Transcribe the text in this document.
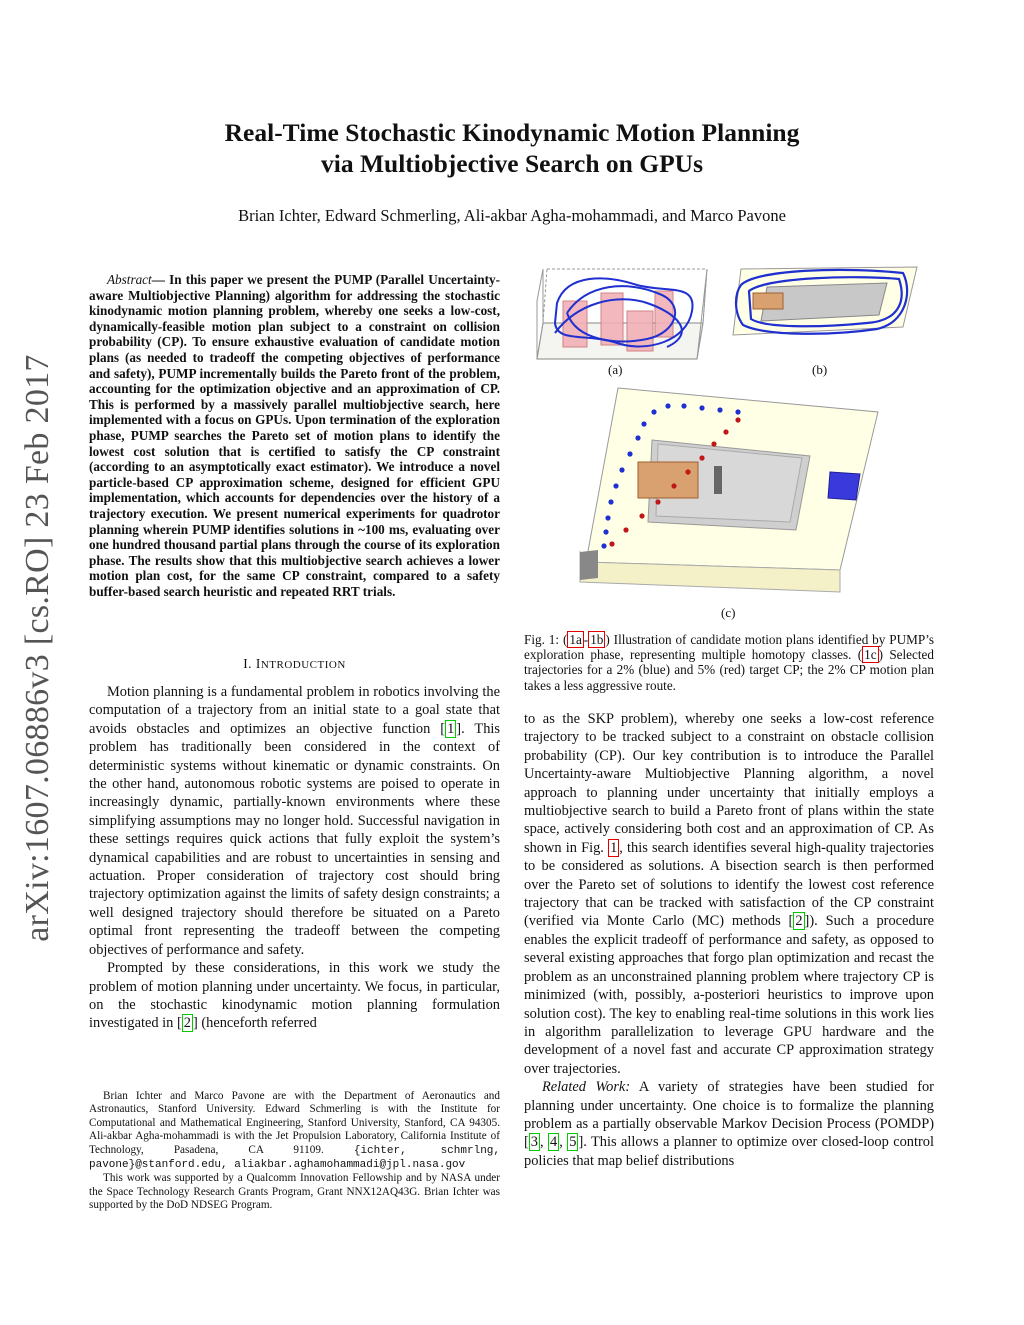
arXiv:1607.06886v3 [cs.RO] 23 Feb 2017
Real-Time Stochastic Kinodynamic Motion Planning
via Multiobjective Search on GPUs
Brian Ichter, Edward Schmerling, Ali-akbar Agha-mohammadi, and Marco Pavone
Abstract— In this paper we present the PUMP (Parallel Uncertainty-aware Multiobjective Planning) algorithm for addressing the stochastic kinodynamic motion planning problem, whereby one seeks a low-cost, dynamically-feasible motion plan subject to a constraint on collision probability (CP). To ensure exhaustive evaluation of candidate motion plans (as needed to tradeoff the competing objectives of performance and safety), PUMP incrementally builds the Pareto front of the problem, accounting for the optimization objective and an approximation of CP. This is performed by a massively parallel multiobjective search, here implemented with a focus on GPUs. Upon termination of the exploration phase, PUMP searches the Pareto set of motion plans to identify the lowest cost solution that is certified to satisfy the CP constraint (according to an asymptotically exact estimator). We introduce a novel particle-based CP approximation scheme, designed for efficient GPU implementation, which accounts for dependencies over the history of a trajectory execution. We present numerical experiments for quadrotor planning wherein PUMP identifies solutions in ~100 ms, evaluating over one hundred thousand partial plans through the course of its exploration phase. The results show that this multiobjective search achieves a lower motion plan cost, for the same CP constraint, compared to a safety buffer-based search heuristic and repeated RRT trials.
I. INTRODUCTION

Motion planning is a fundamental problem in robotics involving the computation of a trajectory from an initial state to a goal state that avoids obstacles and optimizes an objective function [ 1 ]. This problem has traditionally been considered in the context of deterministic systems without kinematic or dynamic constraints. On the other hand, autonomous robotic systems are poised to operate in increasingly dynamic, partially-known environments where these simplifying assumptions may no longer hold. Successful navigation in these settings requires quick actions that fully exploit the system’s dynamical capabilities and are robust to uncertainties in sensing and actuation. Proper consideration of trajectory cost should bring trajectory optimization against the limits of safety design constraints; a well designed trajectory should therefore be situated on a Pareto optimal front representing the tradeoff between the competing objectives of performance and safety.

Prompted by these considerations, in this work we study the problem of motion planning under uncertainty. We focus, in particular, on the stochastic kinodynamic motion planning formulation investigated in [ 2 ] (henceforth referred

Brian Ichter and Marco Pavone are with the Department of Aeronautics and Astronautics, Stanford University. Edward Schmerling is with the Institute for Computational and Mathematical Engineering, Stanford University, Stanford, CA 94305. Ali-akbar Agha-mohammadi is with the Jet Propulsion Laboratory, California Institute of Technology, Pasadena, CA 91109. {ichter, schmrlng, pavone}@stanford.edu, aliakbar.aghamohammadi@jpl.nasa.gov

This work was supported by a Qualcomm Innovation Fellowship and by NASA under the Space Technology Research Grants Program, Grant NNX12AQ43G. Brian Ichter was supported by the DoD NDSEG Program.

(a)	(b)
(c)
Fig. 1: ( 1a - 1b ) Illustration of candidate motion plans identified by PUMP’s exploration phase, representing multiple homotopy classes. ( 1c ) Selected trajectories for a 2% (blue) and 5% (red) target CP; the 2% CP motion plan takes a less aggressive route.

to as the SKP problem), whereby one seeks a low-cost reference trajectory to be tracked subject to a constraint on obstacle collision probability (CP). Our key contribution is to introduce the Parallel Uncertainty-aware Multiobjective Planning algorithm, a novel approach to planning under uncertainty that initially employs a multiobjective search to build a Pareto front of plans within the state space, actively considering both cost and an approximation of CP. As shown in Fig. 1 , this search identifies several high-quality trajectories to be considered as solutions. A bisection search is then performed over the Pareto set of solutions to identify the lowest cost reference trajectory that can be tracked with satisfaction of the CP constraint (verified via Monte Carlo (MC) methods [ 2 ]). Such a procedure enables the explicit tradeoff of performance and safety, as opposed to several existing approaches that forgo plan optimization and recast the problem as an unconstrained planning problem where trajectory CP is minimized (with, possibly, a-posteriori heuristics to improve upon solution cost). The key to enabling real-time solutions in this work lies in algorithm parallelization to leverage GPU hardware and the development of a novel fast and accurate CP approximation strategy over trajectories.

Related Work: A variety of strategies have been studied for planning under uncertainty. One choice is to formalize the planning problem as a partially observable Markov Decision Process (POMDP) [ 3 , 4 , 5 ]. This allows a planner to optimize over closed-loop control policies that map belief distributions
